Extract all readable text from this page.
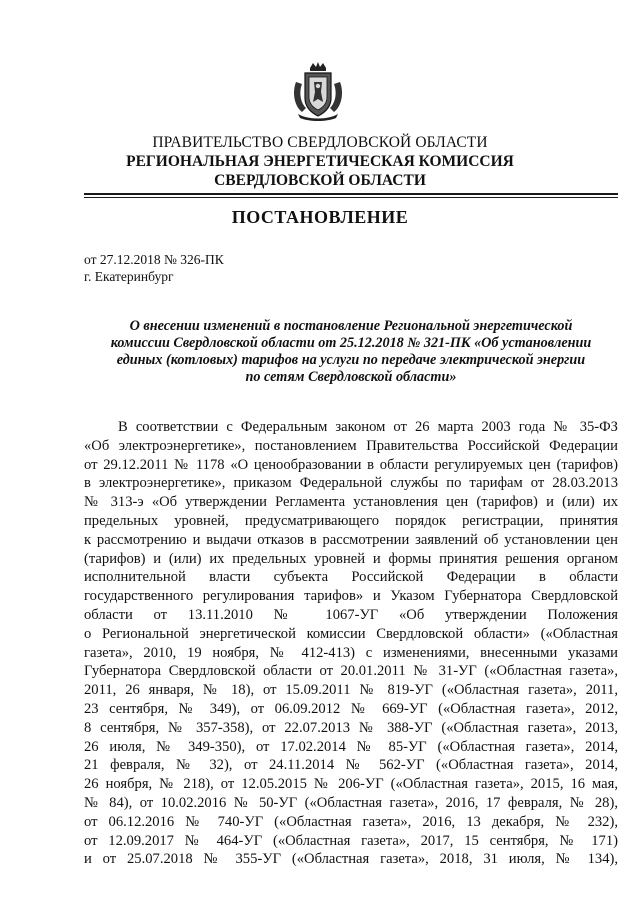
ПРАВИТЕЛЬСТВО СВЕРДЛОВСКОЙ ОБЛАСТИ
РЕГИОНАЛЬНАЯ ЭНЕРГЕТИЧЕСКАЯ КОМИССИЯ
СВЕРДЛОВСКОЙ ОБЛАСТИ
ПОСТАНОВЛЕНИЕ
от 27.12.2018 № 326-ПК
г. Екатеринбург
О внесении изменений в постановление Региональной энергетической
комиссии Свердловской области от 25.12.2018 № 321-ПК «Об установлении
единых (котловых) тарифов на услуги по передаче электрической энергии
по сетям Свердловской области»
В соответствии с Федеральным законом от 26 марта 2003 года № 35-ФЗ
«Об электроэнергетике», постановлением Правительства Российской Федерации
от 29.12.2011 № 1178 «О ценообразовании в области регулируемых цен (тарифов)
в электроэнергетике», приказом Федеральной службы по тарифам от 28.03.2013
№ 313-э «Об утверждении Регламента установления цен (тарифов) и (или) их
предельных уровней, предусматривающего порядок регистрации, принятия
к рассмотрению и выдачи отказов в рассмотрении заявлений об установлении цен
(тарифов) и (или) их предельных уровней и формы принятия решения органом
исполнительной власти субъекта Российской Федерации в области
государственного регулирования тарифов» и Указом Губернатора Свердловской
области от 13.11.2010 № 1067-УГ «Об утверждении Положения
о Региональной энергетической комиссии Свердловской области» («Областная
газета», 2010, 19 ноября, № 412-413) с изменениями, внесенными указами
Губернатора Свердловской области от 20.01.2011 № 31-УГ («Областная газета»,
2011, 26 января, № 18), от 15.09.2011 № 819-УГ («Областная газета», 2011,
23 сентября, № 349), от 06.09.2012 № 669-УГ («Областная газета», 2012,
8 сентября, № 357-358), от 22.07.2013 № 388-УГ («Областная газета», 2013,
26 июля, № 349-350), от 17.02.2014 № 85-УГ («Областная газета», 2014,
21 февраля, № 32), от 24.11.2014 № 562-УГ («Областная газета», 2014,
26 ноября, № 218), от 12.05.2015 № 206-УГ («Областная газета», 2015, 16 мая,
№ 84), от 10.02.2016 № 50-УГ («Областная газета», 2016, 17 февраля, № 28),
от 06.12.2016 № 740-УГ («Областная газета», 2016, 13 декабря, № 232),
от 12.09.2017 № 464-УГ («Областная газета», 2017, 15 сентября, № 171)
и от 25.07.2018 № 355-УГ («Областная газета», 2018, 31 июля, № 134),
